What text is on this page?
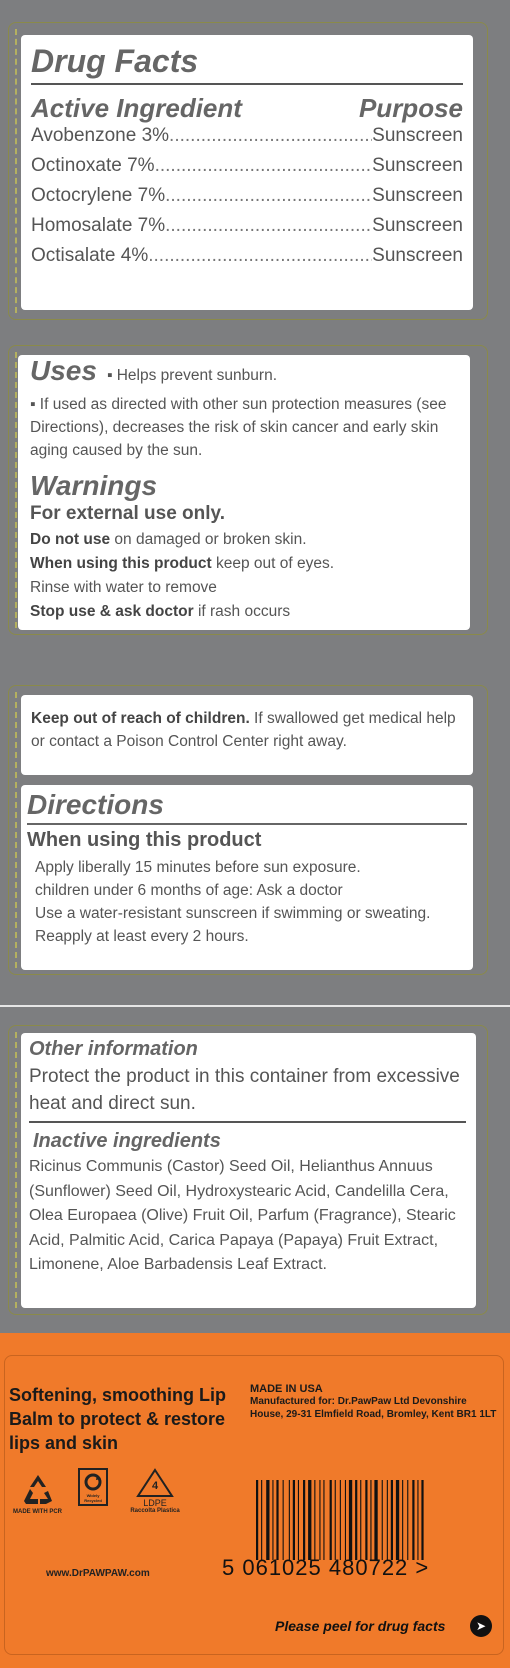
Drug Facts
Active Ingredient	Purpose
Avobenzone 3% .....	Sunscreen
Octinoxate 7% .....	Sunscreen
Octocrylene 7% .....	Sunscreen
Homosalate 7% .....	Sunscreen
Octisalate 4% .....	Sunscreen
Uses ▪ Helps prevent sunburn.
▪ If used as directed with other sun protection measures (see Directions), decreases the risk of skin cancer and early skin aging caused by the sun.
Warnings
For external use only.
Do not use on damaged or broken skin.
When using this product keep out of eyes.
Rinse with water to remove
Stop use & ask doctor if rash occurs
Keep out of reach of children. If swallowed get medical help or contact a Poison Control Center right away.
Directions
When using this product
Apply liberally 15 minutes before sun exposure.
children under 6 months of age: Ask a doctor
Use a water-resistant sunscreen if swimming or sweating.
Reapply at least every 2 hours.
Other information
Protect the product in this container from excessive heat and direct sun.
Inactive ingredients
Ricinus Communis (Castor) Seed Oil, Helianthus Annuus (Sunflower) Seed Oil, Hydroxystearic Acid, Candelilla Cera, Olea Europaea (Olive) Fruit Oil, Parfum (Fragrance), Stearic Acid, Palmitic Acid, Carica Papaya (Papaya) Fruit Extract, Limonene, Aloe Barbadensis Leaf Extract.
Softening, smoothing Lip Balm to protect & restore lips and skin
MADE IN USA
Manufactured for: Dr.PawPaw Ltd Devonshire House, 29-31 Elmfield Road, Bromley, Kent BR1 1LT
MADE WITH PCR
Widely Recycled
4
LDPE
Raccolta Plastica
www.DrPAWPAW.com	5 061025 480722 >
Please peel for drug facts	➤
